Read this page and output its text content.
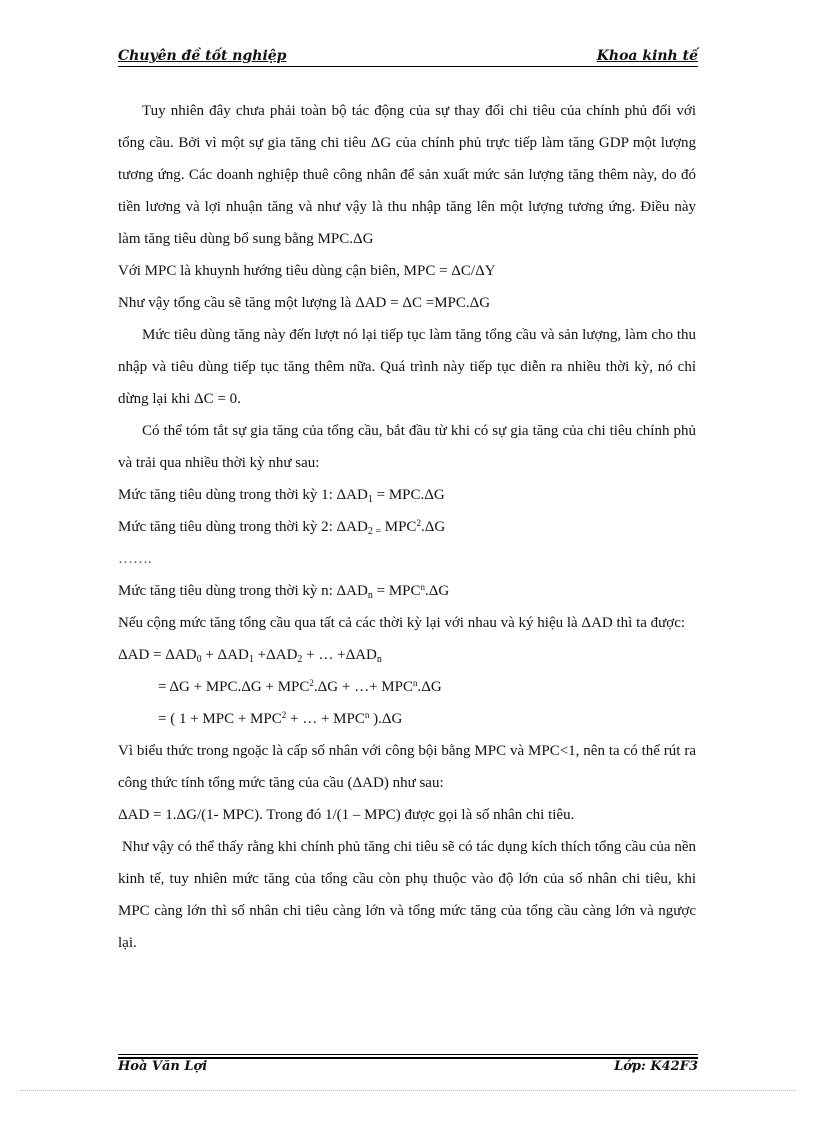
Chuyên đề tốt nghiệp	Khoa kinh tế

Tuy nhiên đây chưa phải toàn bộ tác động của sự thay đổi chi tiêu của chính phủ đối với tổng cầu. Bởi vì một sự gia tăng chi tiêu ΔG của chính phủ trực tiếp làm tăng GDP một lượng tương ứng. Các doanh nghiệp thuê công nhân để sản xuất mức sản lượng tăng thêm này, do đó tiền lương và lợi nhuận tăng và như vậy là thu nhập tăng lên một lượng tương ứng. Điều này làm tăng tiêu dùng bổ sung bằng MPC.ΔG

Với MPC là khuynh hướng tiêu dùng cận biên, MPC = ΔC/ΔY

Như vậy tổng cầu sẽ tăng một lượng là ΔAD = ΔC =MPC.ΔG

Mức tiêu dùng tăng này đến lượt nó lại tiếp tục làm tăng tổng cầu và sản lượng, làm cho thu nhập và tiêu dùng tiếp tục tăng thêm nữa. Quá trình này tiếp tục diễn ra nhiều thời kỳ, nó chỉ dừng lại khi ΔC = 0.

Có thể tóm tắt sự gia tăng của tổng cầu, bắt đầu từ khi có sự gia tăng của chi tiêu chính phủ và trải qua nhiều thời kỳ như sau:

Mức tăng tiêu dùng trong thời kỳ 1: $\Delta AD_1 = MPC.\Delta G$

Mức tăng tiêu dùng trong thời kỳ 2: $\Delta AD_{2 =}$ MPC$^2$.ΔG

…….

Mức tăng tiêu dùng trong thời kỳ n: $\Delta AD_n = MPC^n.\Delta G$

Nếu cộng mức tăng tổng cầu qua tất cả các thời kỳ lại với nhau và ký hiệu là ΔAD thì ta được:

$\Delta AD = \Delta AD_0 + \Delta AD_1 +\Delta AD_2$ + … $+\Delta AD_n$

= $\Delta G + MPC.\Delta G + MPC^2.\Delta G$ + …+ $MPC^n.\Delta G$

= ( 1 + MPC + $MPC^2$ + … + $MPC^n$ ).ΔG

Vì biểu thức trong ngoặc là cấp số nhân với công bội bằng MPC và MPC<1, nên ta có thể rút ra công thức tính tổng mức tăng của cầu (ΔAD) như sau:

ΔAD = 1.ΔG/(1- MPC). Trong đó 1/(1 – MPC) được gọi là số nhân chi tiêu.

Như vậy có thể thấy rằng khi chính phủ tăng chi tiêu sẽ có tác dụng kích thích tổng cầu của nền kinh tế, tuy nhiên mức tăng của tổng cầu còn phụ thuộc vào độ lớn của số nhân chi tiêu, khi MPC càng lớn thì số nhân chi tiêu càng lớn và tổng mức tăng của tổng cầu càng lớn và ngược lại.

Hoà Văn Lợi	Lớp: K42F3
